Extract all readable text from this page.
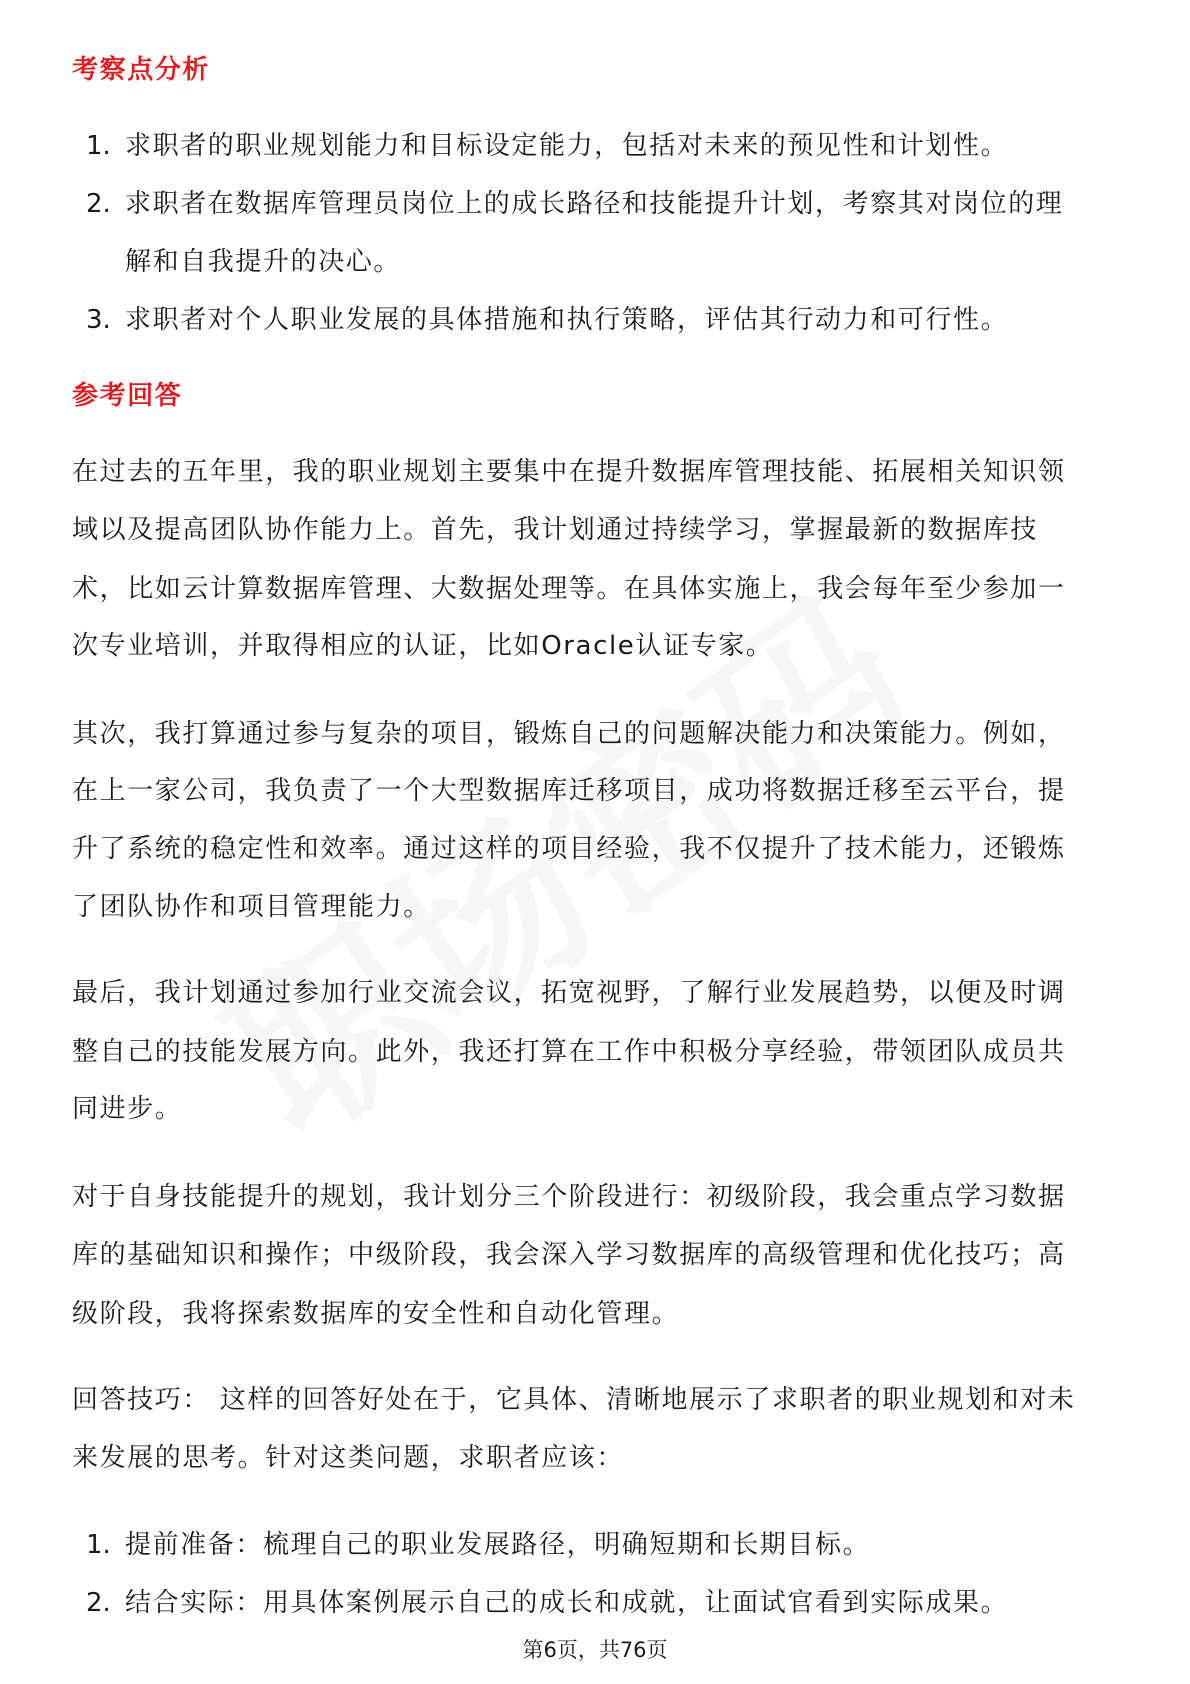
考察点分析
1. 求职者的职业规划能力和目标设定能力，包括对未来的预见性和计划性。
2. 求职者在数据库管理员岗位上的成长路径和技能提升计划，考察其对岗位的理
解和自我提升的决心。
3. 求职者对个人职业发展的具体措施和执行策略，评估其行动力和可行性。
参考回答
在过去的五年里，我的职业规划主要集中在提升数据库管理技能、拓展相关知识领
域以及提高团队协作能力上。首先，我计划通过持续学习，掌握最新的数据库技
术，比如云计算数据库管理、大数据处理等。在具体实施上，我会每年至少参加一
次专业培训，并取得相应的认证，比如Oracle认证专家。
其次，我打算通过参与复杂的项目，锻炼自己的问题解决能力和决策能力。例如，
在上一家公司，我负责了一个大型数据库迁移项目，成功将数据迁移至云平台，提
升了系统的稳定性和效率。通过这样的项目经验，我不仅提升了技术能力，还锻炼
了团队协作和项目管理能力。
最后，我计划通过参加行业交流会议，拓宽视野，了解行业发展趋势，以便及时调
整自己的技能发展方向。此外，我还打算在工作中积极分享经验，带领团队成员共
同进步。
对于自身技能提升的规划，我计划分三个阶段进行：初级阶段，我会重点学习数据
库的基础知识和操作；中级阶段，我会深入学习数据库的高级管理和优化技巧；高
级阶段，我将探索数据库的安全性和自动化管理。
回答技巧： 这样的回答好处在于，它具体、清晰地展示了求职者的职业规划和对未
来发展的思考。针对这类问题，求职者应该：
1. 提前准备：梳理自己的职业发展路径，明确短期和长期目标。
2. 结合实际：用具体案例展示自己的成长和成就，让面试官看到实际成果。
第6页，共76页
